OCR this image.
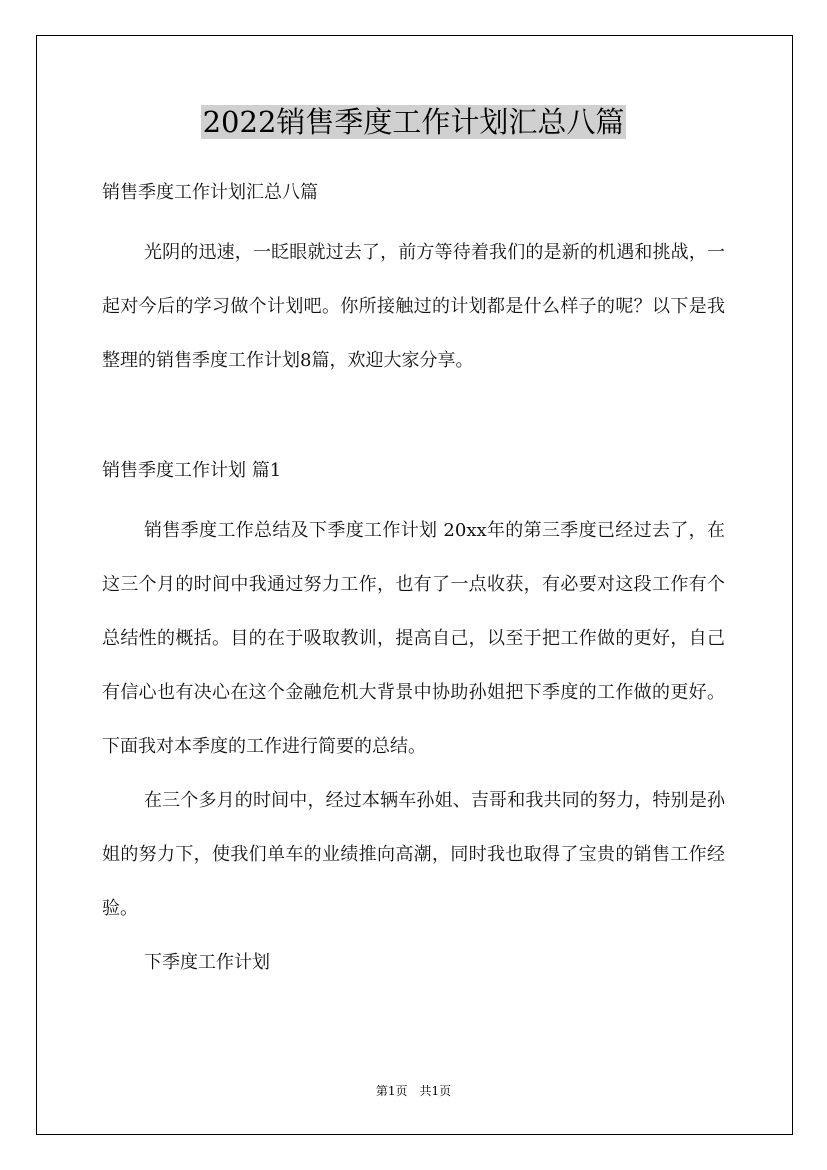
2022销售季度工作计划汇总八篇
销售季度工作计划汇总八篇

光阴的迅速，一眨眼就过去了，前方等待着我们的是新的机遇和挑战，一起对今后的学习做个计划吧。你所接触过的计划都是什么样子的呢？以下是我整理的销售季度工作计划8篇，欢迎大家分享。

销售季度工作计划 篇1

销售季度工作总结及下季度工作计划 20xx年的第三季度已经过去了，在这三个月的时间中我通过努力工作，也有了一点收获，有必要对这段工作有个总结性的概括。目的在于吸取教训，提高自己，以至于把工作做的更好，自己有信心也有决心在这个金融危机大背景中协助孙姐把下季度的工作做的更好。下面我对本季度的工作进行简要的总结。

在三个多月的时间中，经过本辆车孙姐、吉哥和我共同的努力，特别是孙姐的努力下，使我们单车的业绩推向高潮，同时我也取得了宝贵的销售工作经验。

下季度工作计划

第1页　共1页
